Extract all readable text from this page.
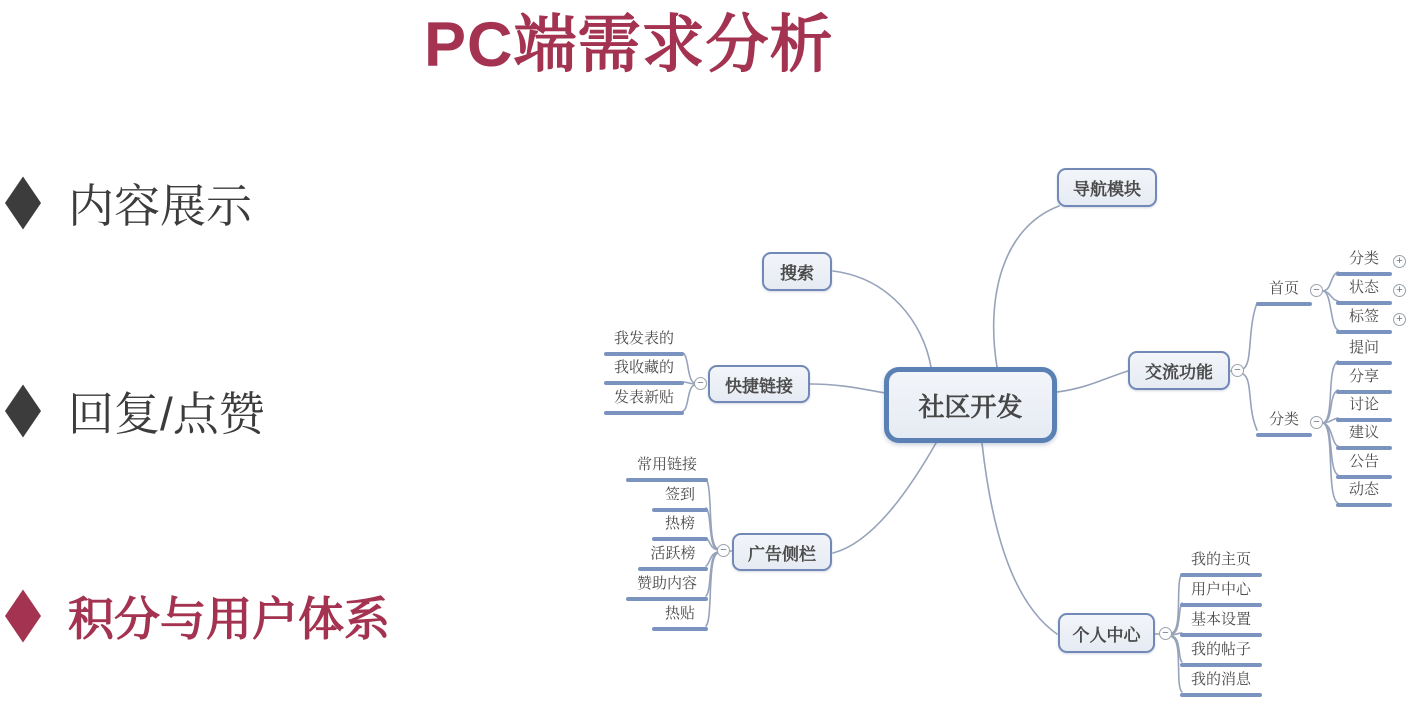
PC端需求分析
内容展示
回复/点赞
积分与用户体系
社区开发
导航模块
搜索
快捷链接
广告侧栏
交流功能
个人中心
我发表的
我收藏的
发表新贴
常用链接
签到
热榜
活跃榜
赞助内容
热贴
首页
分类
状态
标签
分类
提问
分享
讨论
建议
公告
动态
我的主页
用户中心
基本设置
我的帖子
我的消息
−
−
−
−
−
−
+
+
+
